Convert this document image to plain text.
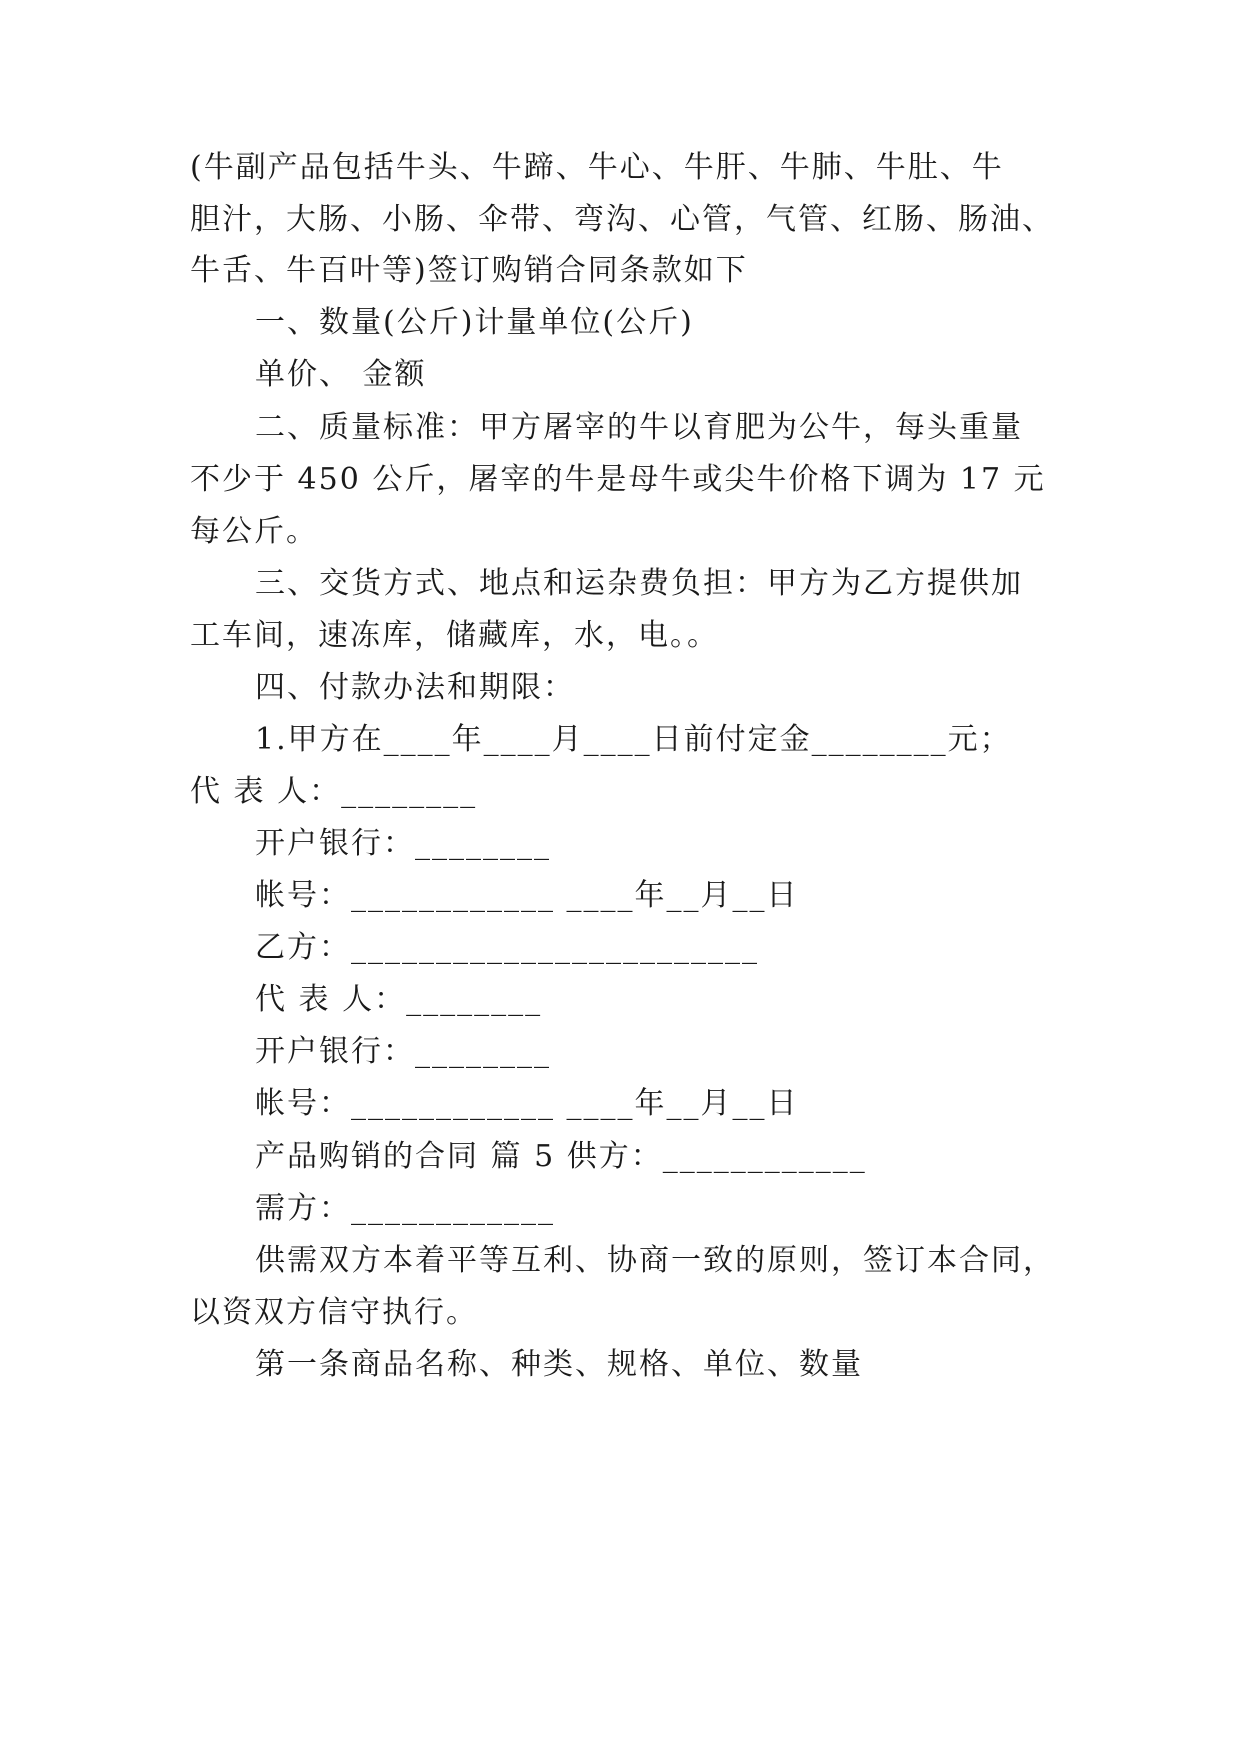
(牛副产品包括牛头、牛蹄、牛心、牛肝、牛肺、牛肚、牛
胆汁，大肠、小肠、伞带、弯沟、心管，气管、红肠、肠油、
牛舌、牛百叶等)签订购销合同条款如下
一、数量(公斤)计量单位(公斤)
单价、 金额
二、质量标准：甲方屠宰的牛以育肥为公牛，每头重量
不少于 450 公斤，屠宰的牛是母牛或尖牛价格下调为 17 元
每公斤。
三、交货方式、地点和运杂费负担：甲方为乙方提供加
工车间，速冻库，储藏库，水，电。。
四、付款办法和期限：
1.甲方在____年____月____日前付定金________元；
代 表 人：________
开户银行：________
帐号：____________ ____年__月__日
乙方：________________________
代 表 人：________
开户银行：________
帐号：____________ ____年__月__日
产品购销的合同 篇 5 供方：____________
需方：____________
供需双方本着平等互利、协商一致的原则，签订本合同，
以资双方信守执行。
第一条商品名称、种类、规格、单位、数量
